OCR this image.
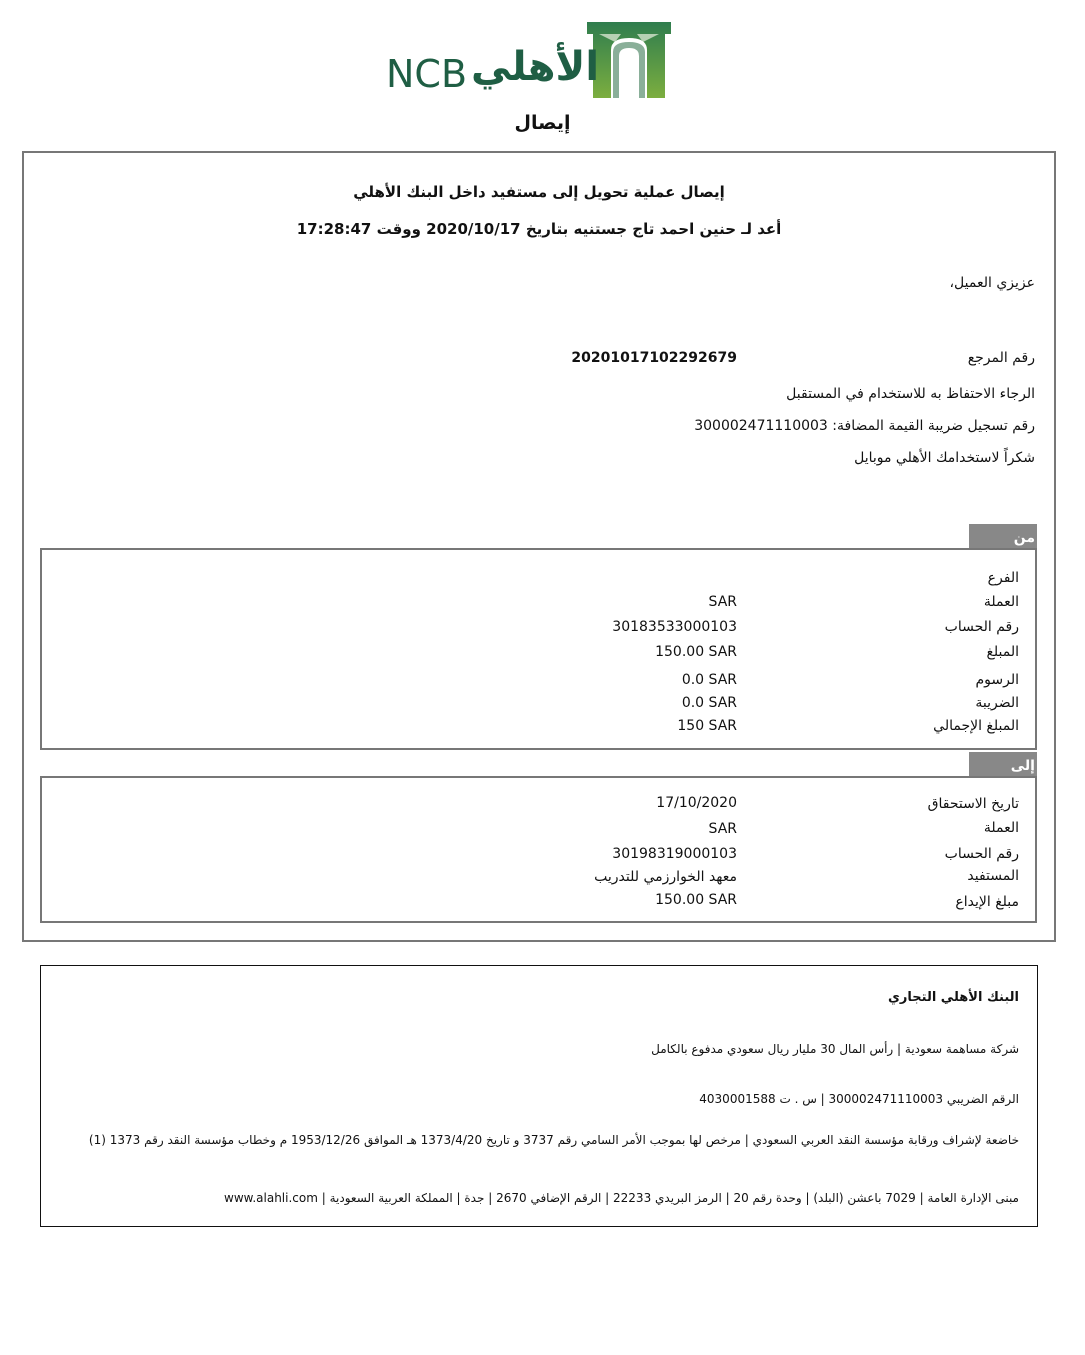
الأهلي
NCB
إيصال
إيصال عملية تحويل إلى مستفيد داخل البنك الأهلي
أعد لـ حنين احمد تاج جستنيه بتاريخ 2020/10/17 ووقت 17:28:47
عزيزي العميل،
رقم المرجع
20201017102292679
الرجاء الاحتفاظ به للاستخدام في المستقبل
رقم تسجيل ضريبة القيمة المضافة: 300002471110003
شكراً لاستخدامك الأهلي موبايل
من
الفرع
العملة
SAR
رقم الحساب
30183533000103
المبلغ
150.00 SAR
الرسوم
0.0 SAR
الضريبة
0.0 SAR
المبلغ الإجمالي
150 SAR
إلى
تاريخ الاستحقاق
17/10/2020
العملة
SAR
رقم الحساب
30198319000103
المستفيد
معهد الخوارزمي للتدريب
مبلغ الإيداع
150.00 SAR
البنك الأهلي التجاري
شركة مساهمة سعودية | رأس المال 30 مليار ريال سعودي مدفوع بالكامل
الرقم الضريبي 300002471110003 | س . ت 4030001588
خاضعة لإشراف ورقابة مؤسسة النقد العربي السعودي | مرخص لها بموجب الأمر السامي رقم 3737 و تاريخ 1373/4/20 هـ الموافق 1953/12/26 م وخطاب مؤسسة النقد رقم 1373 (1)
مبنى الإدارة العامة | 7029 باعشن (البلد) | وحدة رقم 20 | الرمز البريدي 22233 | الرقم الإضافي 2670 | جدة | المملكة العربية السعودية | www.alahli.com
